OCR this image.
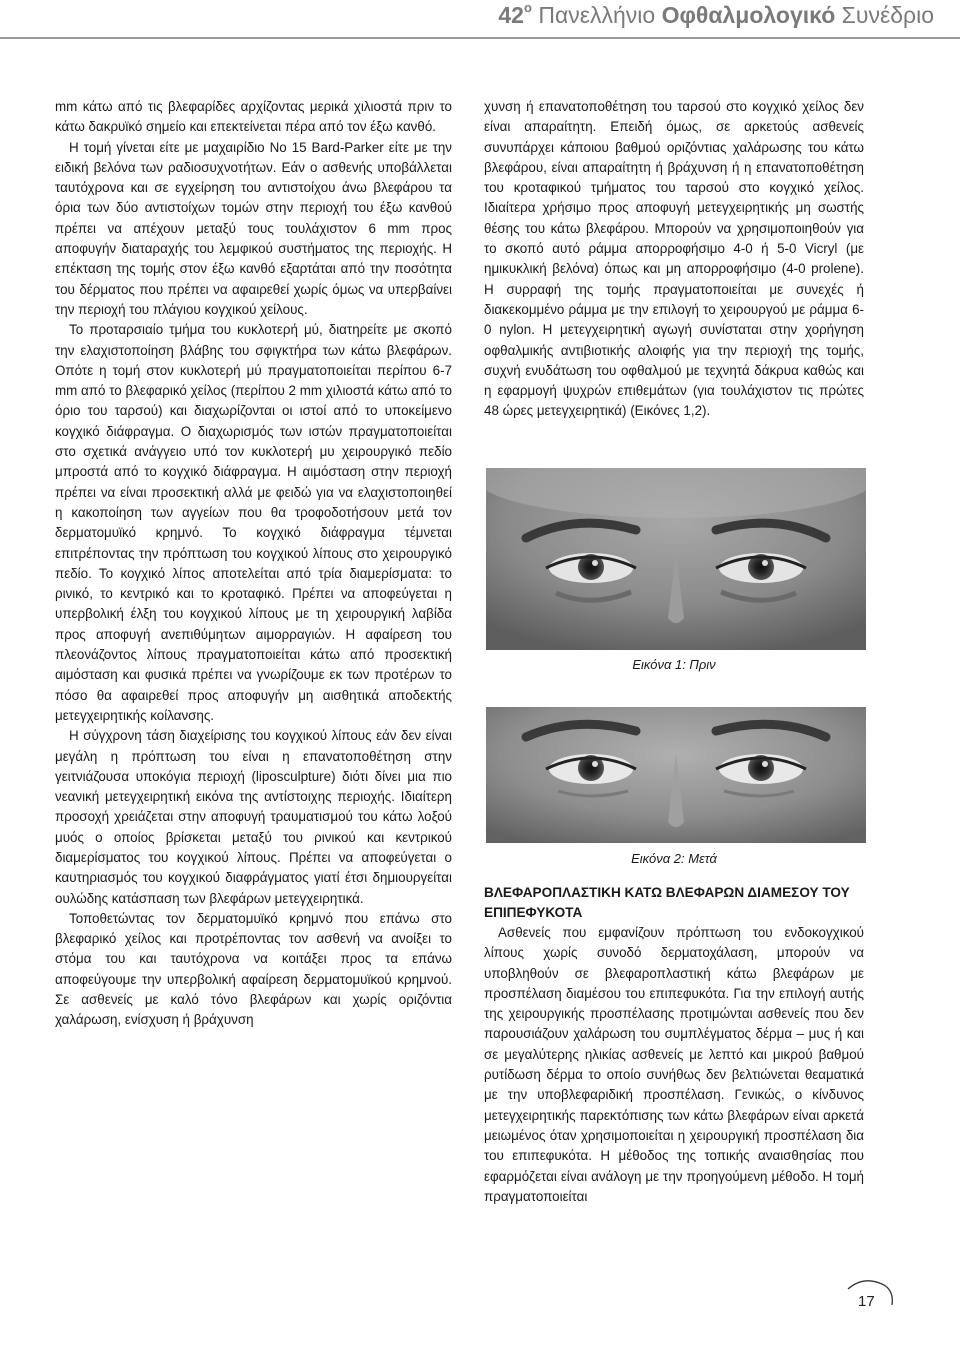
$42^o$ Πανελλήνιο Οφθαλμολογικό Συνέδριο

mm κάτω από τις βλεφαρίδες αρχίζοντας μερικά χιλιοστά πριν το κάτω δακρυϊκό σημείο και επεκτείνεται πέρα από τον έξω κανθό.

Η τομή γίνεται είτε με μαχαιρίδιο No 15 Bard-Parker είτε με την ειδική βελόνα των ραδιοσυχνοτήτων. Εάν ο ασθενής υποβάλλεται ταυτόχρονα και σε εγχείρηση του αντιστοίχου άνω βλεφάρου τα όρια των δύο αντιστοίχων τομών στην περιοχή του έξω κανθού πρέπει να απέχουν μεταξύ τους τουλάχιστον 6 mm προς αποφυγήν διαταραχής του λεμφικού συστήματος της περιοχής. Η επέκταση της τομής στον έξω κανθό εξαρτάται από την ποσότητα του δέρματος που πρέπει να αφαιρεθεί χωρίς όμως να υπερβαίνει την περιοχή του πλάγιου κογχικού χείλους.

Το προταρσιαίο τμήμα του κυκλοτερή μύ, διατηρείτε με σκοπό την ελαχιστοποίηση βλάβης του σφιγκτήρα των κάτω βλεφάρων. Οπότε η τομή στον κυκλοτερή μύ πραγματοποιείται περίπου 6-7 mm από το βλεφαρικό χείλος (περίπου 2 mm χιλιοστά κάτω από το όριο του ταρσού) και διαχωρίζονται οι ιστοί από το υποκείμενο κογχικό διάφραγμα. Ο διαχωρισμός των ιστών πραγματοποιείται στο σχετικά ανάγγειο υπό τον κυκλοτερή μυ χειρουργικό πεδίο μπροστά από το κογχικό διάφραγμα. Η αιμόσταση στην περιοχή πρέπει να είναι προσεκτική αλλά με φειδώ για να ελαχιστοποιηθεί η κακοποίηση των αγγείων που θα τροφοδοτήσουν μετά τον δερματομυϊκό κρημνό. Το κογχικό διάφραγμα τέμνεται επιτρέποντας την πρόπτωση του κογχικού λίπους στο χειρουργικό πεδίο. Το κογχικό λίπος αποτελείται από τρία διαμερίσματα: το ρινικό, το κεντρικό και το κροταφικό. Πρέπει να αποφεύγεται η υπερβολική έλξη του κογχικού λίπους με τη χειρουργική λαβίδα προς αποφυγή ανεπιθύμητων αιμορραγιών. Η αφαίρεση του πλεονάζοντος λίπους πραγματοποιείται κάτω από προσεκτική αιμόσταση και φυσικά πρέπει να γνωρίζουμε εκ των προτέρων το πόσο θα αφαιρεθεί προς αποφυγήν μη αισθητικά αποδεκτής μετεγχειρητικής κοίλανσης.

Η σύγχρονη τάση διαχείρισης του κογχικού λίπους εάν δεν είναι μεγάλη η πρόπτωση του είναι η επανατοποθέτηση στην γειτνιάζουσα υποκόγια περιοχή (liposculpture) διότι δίνει μια πιο νεανική μετεγχειρητική εικόνα της αντίστοιχης περιοχής. Ιδιαίτερη προσοχή χρειάζεται στην αποφυγή τραυματισμού του κάτω λοξού μυός ο οποίος βρίσκεται μεταξύ του ρινικού και κεντρικού διαμερίσματος του κογχικού λίπους. Πρέπει να αποφεύγεται ο καυτηριασμός του κογχικού διαφράγματος γιατί έτσι δημιουργείται ουλώδης κατάσπαση των βλεφάρων μετεγχειρητικά.

Τοποθετώντας τον δερματομυϊκό κρημνό που επάνω στο βλεφαρικό χείλος και προτρέποντας τον ασθενή να ανοίξει το στόμα του και ταυτόχρονα να κοιτάξει προς τα επάνω αποφεύγουμε την υπερβολική αφαίρεση δερματομυϊκού κρημνού. Σε ασθενείς με καλό τόνο βλεφάρων και χωρίς οριζόντια χαλάρωση, ενίσχυση ή βράχυνση

χυνση ή επανατοποθέτηση του ταρσού στο κογχικό χείλος δεν είναι απαραίτητη. Επειδή όμως, σε αρκετούς ασθενείς συνυπάρχει κάποιου βαθμού οριζόντιας χαλάρωσης του κάτω βλεφάρου, είναι απαραίτητη ή βράχυνση ή η επανατοποθέτηση του κροταφικού τμήματος του ταρσού στο κογχικό χείλος. Ιδιαίτερα χρήσιμο προς αποφυγή μετεγχειρητικής μη σωστής θέσης του κάτω βλεφάρου. Μπορούν να χρησιμοποιηθούν για το σκοπό αυτό ράμμα απορροφήσιμο 4-0 ή 5-0 Vicryl (με ημικυκλική βελόνα) όπως και μη απορροφήσιμο (4-0 prolene). Η συρραφή της τομής πραγματοποιείται με συνεχές ή διακεκομμένο ράμμα με την επιλογή το χειρουργού με ράμμα 6-0 nylon. Η μετεγχειρητική αγωγή συνίσταται στην χορήγηση οφθαλμικής αντιβιοτικής αλοιφής για την περιοχή της τομής, συχνή ενυδάτωση του οφθαλμού με τεχνητά δάκρυα καθώς και η εφαρμογή ψυχρών επιθεμάτων (για τουλάχιστον τις πρώτες 48 ώρες μετεγχειρητικά) (Εικόνες 1,2).

Εικόνα 1: Πριν
Εικόνα 2: Μετά
ΒΛΕΦΑΡΟΠΛΑΣΤΙΚΗ ΚΑΤΩ ΒΛΕΦΑΡΩΝ ΔΙΑΜΕΣΟΥ ΤΟΥ ΕΠΙΠΕΦΥΚΟΤΑ

Ασθενείς που εμφανίζουν πρόπτωση του ενδοκογχικού λίπους χωρίς συνοδό δερματοχάλαση, μπορούν να υποβληθούν σε βλεφαροπλαστική κάτω βλεφάρων με προσπέλαση διαμέσου του επιπεφυκότα. Για την επιλογή αυτής της χειρουργικής προσπέλασης προτιμώνται ασθενείς που δεν παρουσιάζουν χαλάρωση του συμπλέγματος δέρμα – μυς ή και σε μεγαλύτερης ηλικίας ασθενείς με λεπτό και μικρού βαθμού ρυτίδωση δέρμα το οποίο συνήθως δεν βελτιώνεται θεαματικά με την υποβλεφαριδική προσπέλαση. Γενικώς, ο κίνδυνος μετεγχειρητικής παρεκτόπισης των κάτω βλεφάρων είναι αρκετά μειωμένος όταν χρησιμοποιείται η χειρουργική προσπέλαση δια του επιπεφυκότα. Η μέθοδος της τοπικής αναισθησίας που εφαρμόζεται είναι ανάλογη με την προηγούμενη μέθοδο. Η τομή πραγματοποιείται

17
